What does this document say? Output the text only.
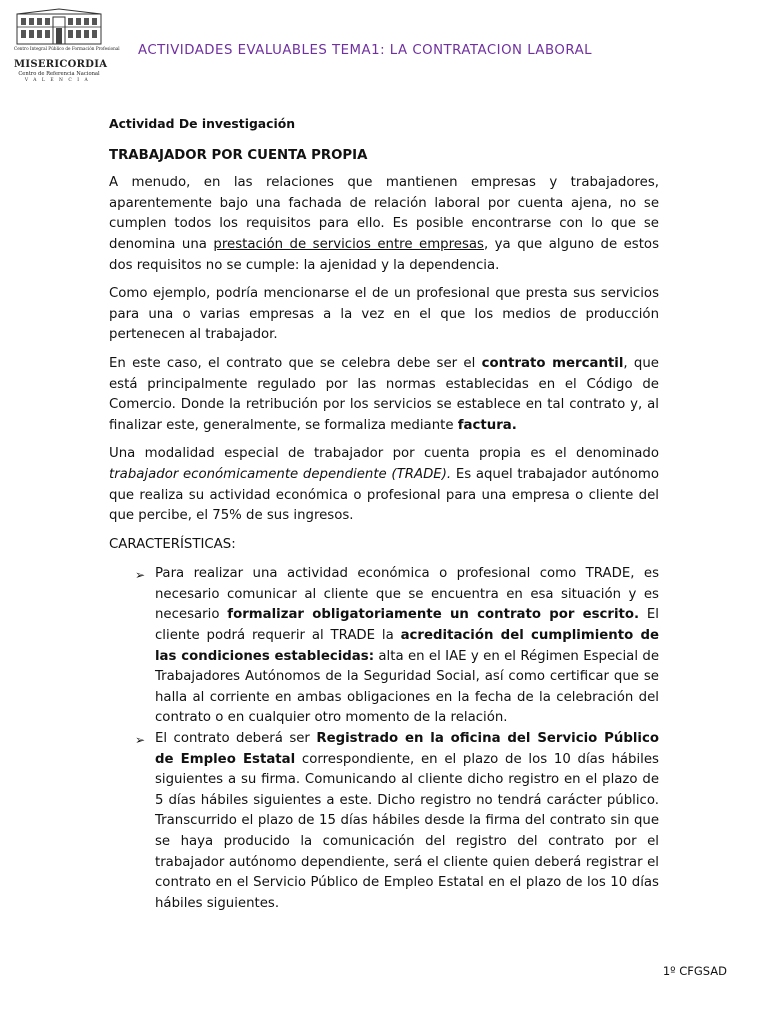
Centro Integral Público de Formación Profesional
MISERICORDIA
Centro de Referencia Nacional
VALENCIA
ACTIVIDADES EVALUABLES TEMA1: LA CONTRATACION LABORAL

Actividad De investigación

TRABAJADOR POR CUENTA PROPIA

A menudo, en las relaciones que mantienen empresas y trabajadores, aparentemente bajo una fachada de relación laboral por cuenta ajena, no se cumplen todos los requisitos para ello. Es posible encontrarse con lo que se denomina una prestación de servicios entre empresas, ya que alguno de estos dos requisitos no se cumple: la ajenidad y la dependencia.

Como ejemplo, podría mencionarse el de un profesional que presta sus servicios para una o varias empresas a la vez en el que los medios de producción pertenecen al trabajador.

En este caso, el contrato que se celebra debe ser el contrato mercantil, que está principalmente regulado por las normas establecidas en el Código de Comercio. Donde la retribución por los servicios se establece en tal contrato y, al finalizar este, generalmente, se formaliza mediante factura.

Una modalidad especial de trabajador por cuenta propia es el denominado trabajador económicamente dependiente (TRADE). Es aquel trabajador autónomo que realiza su actividad económica o profesional para una empresa o cliente del que percibe, el 75% de sus ingresos.

CARACTERÍSTICAS:

➢ Para realizar una actividad económica o profesional como TRADE, es necesario comunicar al cliente que se encuentra en esa situación y es necesario formalizar obligatoriamente un contrato por escrito. El cliente podrá requerir al TRADE la acreditación del cumplimiento de las condiciones establecidas: alta en el IAE y en el Régimen Especial de Trabajadores Autónomos de la Seguridad Social, así como certificar que se halla al corriente en ambas obligaciones en la fecha de la celebración del contrato o en cualquier otro momento de la relación.
➢ El contrato deberá ser Registrado en la oficina del Servicio Público de Empleo Estatal correspondiente, en el plazo de los 10 días hábiles siguientes a su firma. Comunicando al cliente dicho registro en el plazo de 5 días hábiles siguientes a este. Dicho registro no tendrá carácter público. Transcurrido el plazo de 15 días hábiles desde la firma del contrato sin que se haya producido la comunicación del registro del contrato por el trabajador autónomo dependiente, será el cliente quien deberá registrar el contrato en el Servicio Público de Empleo Estatal en el plazo de los 10 días hábiles siguientes.
1º CFGSAD
